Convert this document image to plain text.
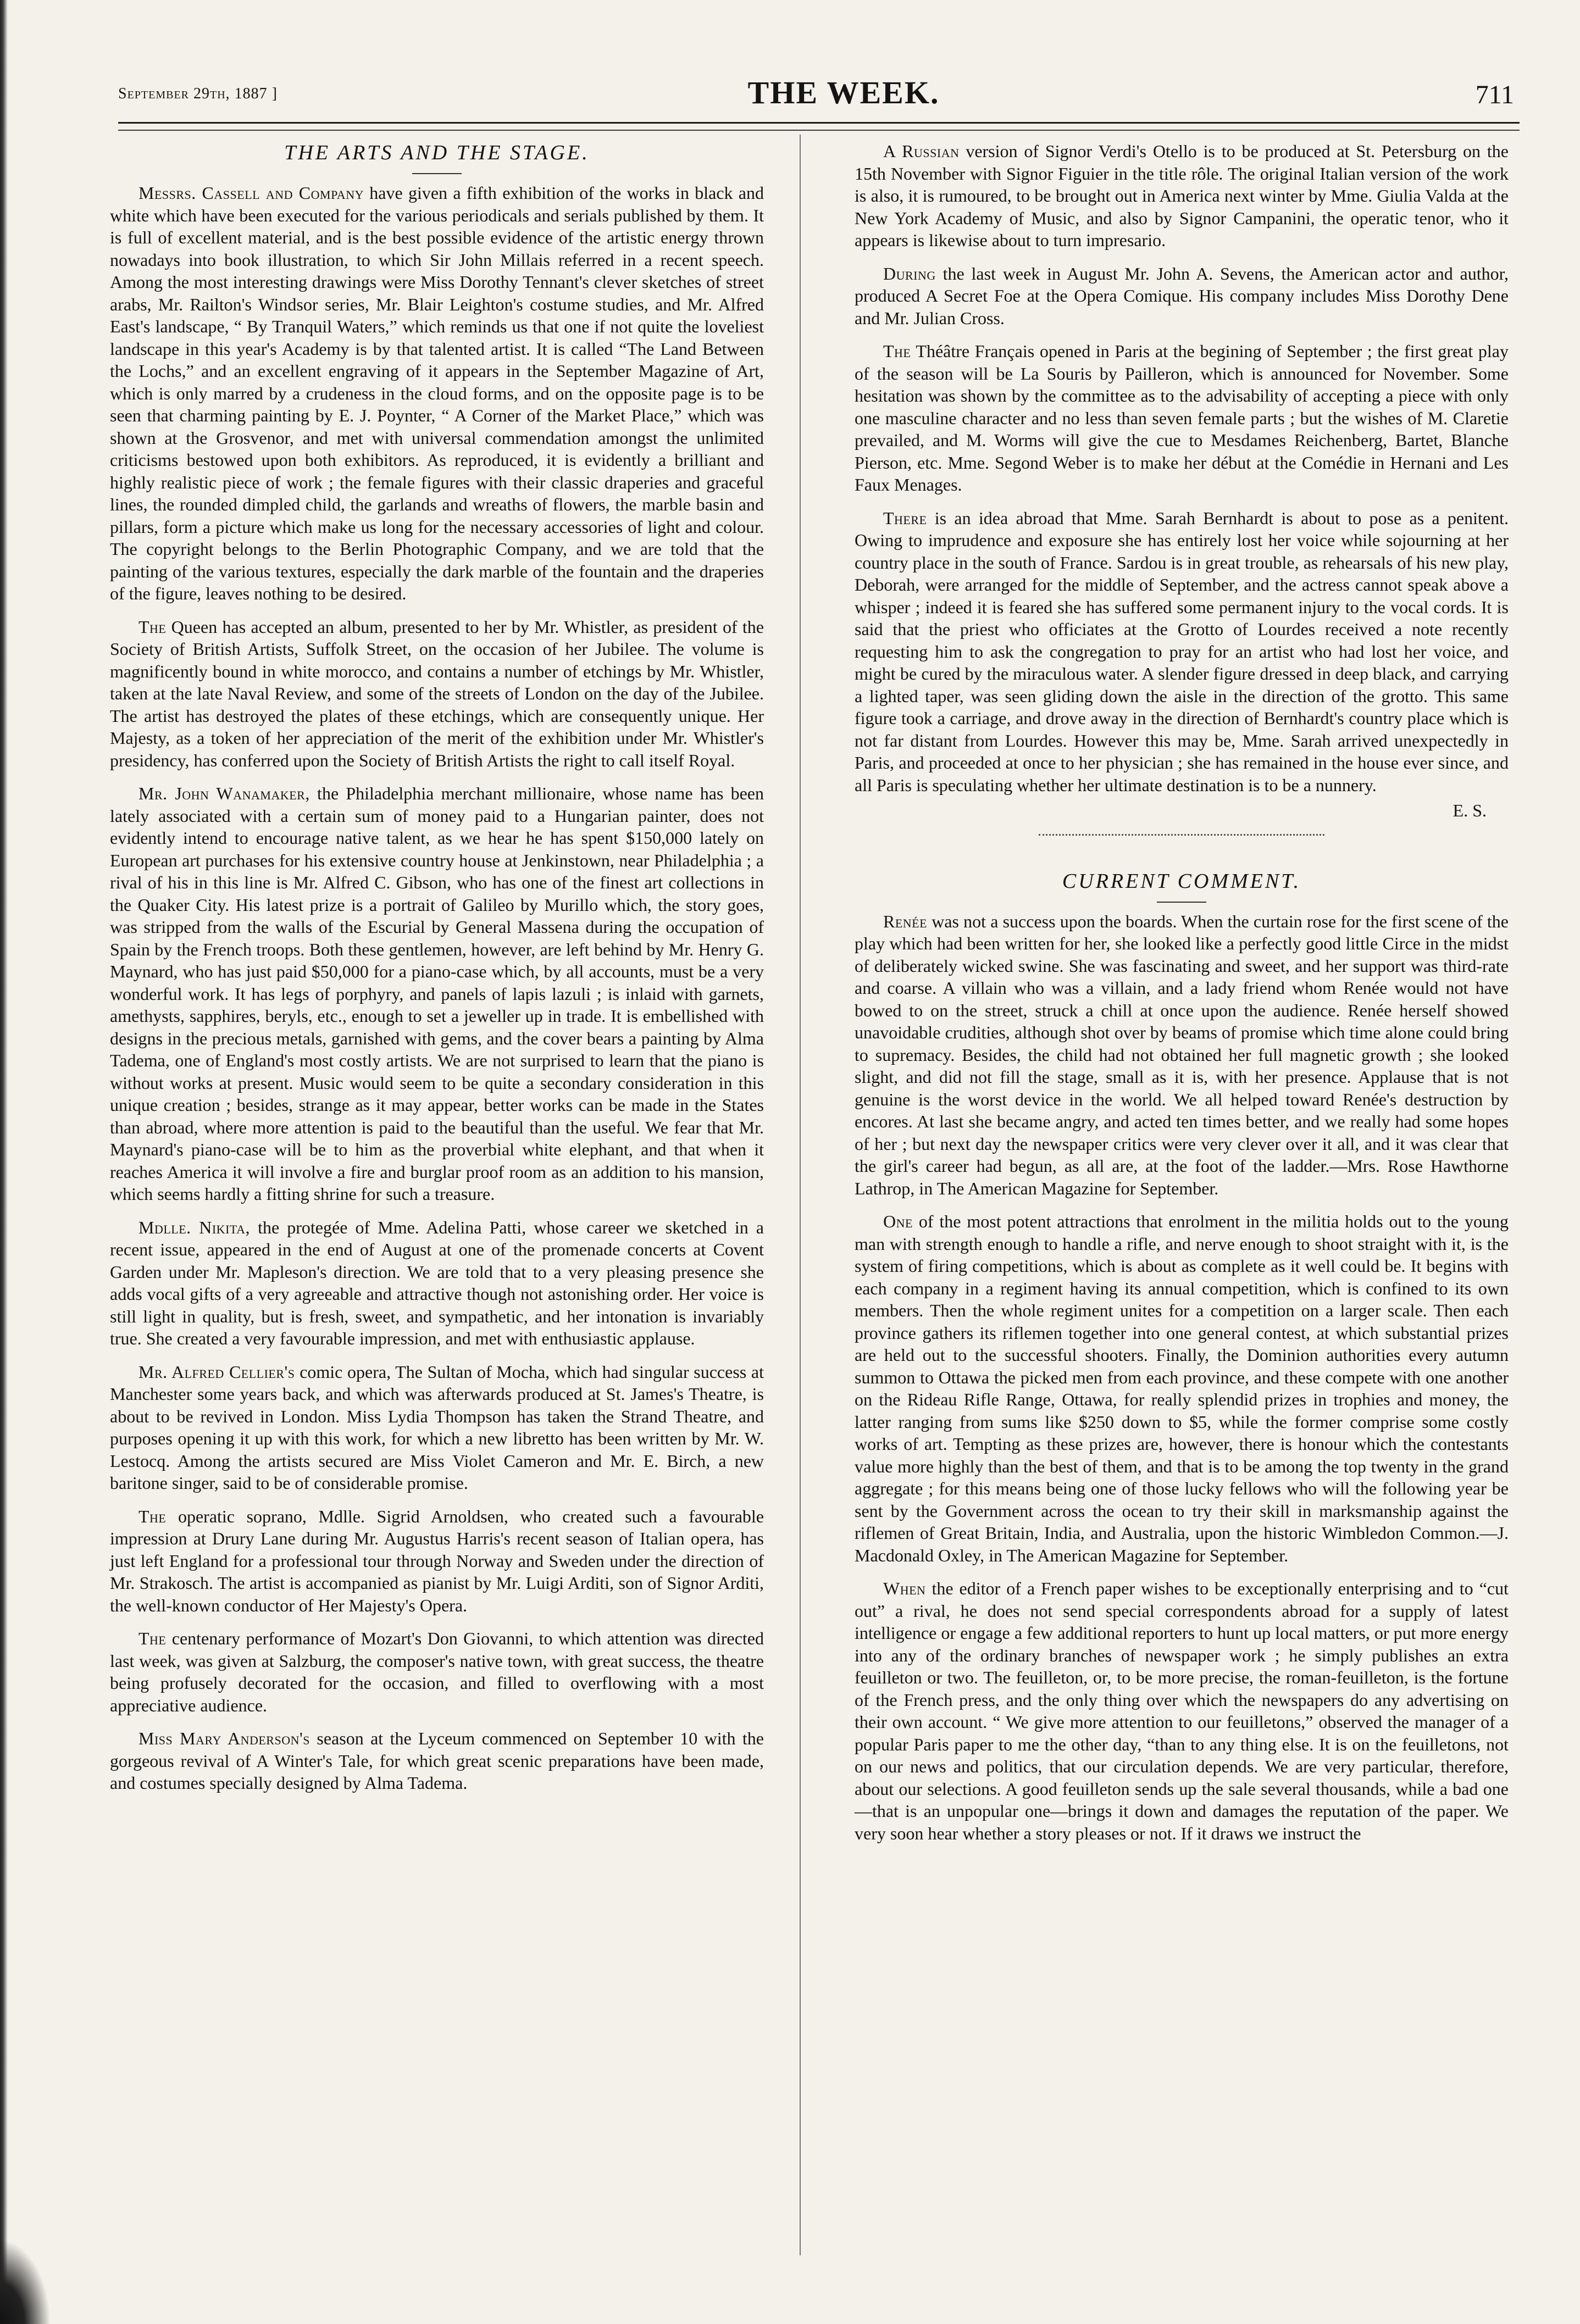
September 29th, 1887 ]	THE WEEK.	711
THE ARTS AND THE STAGE.

Messrs. Cassell and Company have given a fifth exhibition of the works in black and white which have been executed for the various periodicals and serials published by them. It is full of excellent material, and is the best possible evidence of the artistic energy thrown nowadays into book illustration, to which Sir John Millais referred in a recent speech. Among the most interesting drawings were Miss Dorothy Tennant's clever sketches of street arabs, Mr. Railton's Windsor series, Mr. Blair Leighton's costume studies, and Mr. Alfred East's landscape, “ By Tranquil Waters,” which reminds us that one if not quite the loveliest landscape in this year's Academy is by that talented artist. It is called “The Land Between the Lochs,” and an excellent engraving of it appears in the September Magazine of Art, which is only marred by a crudeness in the cloud forms, and on the opposite page is to be seen that charming painting by E. J. Poynter, “ A Corner of the Market Place,” which was shown at the Grosvenor, and met with universal commendation amongst the unlimited criticisms bestowed upon both exhibitors. As reproduced, it is evidently a brilliant and highly realistic piece of work ; the female figures with their classic draperies and graceful lines, the rounded dimpled child, the garlands and wreaths of flowers, the marble basin and pillars, form a picture which make us long for the necessary accessories of light and colour. The copyright belongs to the Berlin Photographic Company, and we are told that the painting of the various textures, especially the dark marble of the fountain and the draperies of the figure, leaves nothing to be desired.

The Queen has accepted an album, presented to her by Mr. Whistler, as president of the Society of British Artists, Suffolk Street, on the occasion of her Jubilee. The volume is magnificently bound in white morocco, and contains a number of etchings by Mr. Whistler, taken at the late Naval Review, and some of the streets of London on the day of the Jubilee. The artist has destroyed the plates of these etchings, which are consequently unique. Her Majesty, as a token of her appreciation of the merit of the exhibition under Mr. Whistler's presidency, has conferred upon the Society of British Artists the right to call itself Royal.

Mr. John Wanamaker, the Philadelphia merchant millionaire, whose name has been lately associated with a certain sum of money paid to a Hungarian painter, does not evidently intend to encourage native talent, as we hear he has spent $150,000 lately on European art purchases for his extensive country house at Jenkinstown, near Philadelphia ; a rival of his in this line is Mr. Alfred C. Gibson, who has one of the finest art collections in the Quaker City. His latest prize is a portrait of Galileo by Murillo which, the story goes, was stripped from the walls of the Escurial by General Massena during the occupation of Spain by the French troops. Both these gentlemen, however, are left behind by Mr. Henry G. Maynard, who has just paid $50,000 for a piano-case which, by all accounts, must be a very wonderful work. It has legs of porphyry, and panels of lapis lazuli ; is inlaid with garnets, amethysts, sapphires, beryls, etc., enough to set a jeweller up in trade. It is embellished with designs in the precious metals, garnished with gems, and the cover bears a painting by Alma Tadema, one of England's most costly artists. We are not surprised to learn that the piano is without works at present. Music would seem to be quite a secondary consideration in this unique creation ; besides, strange as it may appear, better works can be made in the States than abroad, where more attention is paid to the beautiful than the useful. We fear that Mr. Maynard's piano-case will be to him as the proverbial white elephant, and that when it reaches America it will involve a fire and burglar proof room as an addition to his mansion, which seems hardly a fitting shrine for such a treasure.

Mdlle. Nikita, the protegée of Mme. Adelina Patti, whose career we sketched in a recent issue, appeared in the end of August at one of the promenade concerts at Covent Garden under Mr. Mapleson's direction. We are told that to a very pleasing presence she adds vocal gifts of a very agreeable and attractive though not astonishing order. Her voice is still light in quality, but is fresh, sweet, and sympathetic, and her intonation is invariably true. She created a very favourable impression, and met with enthusiastic applause.

Mr. Alfred Cellier's comic opera, The Sultan of Mocha, which had singular success at Manchester some years back, and which was afterwards produced at St. James's Theatre, is about to be revived in London. Miss Lydia Thompson has taken the Strand Theatre, and purposes opening it up with this work, for which a new libretto has been written by Mr. W. Lestocq. Among the artists secured are Miss Violet Cameron and Mr. E. Birch, a new baritone singer, said to be of considerable promise.

The operatic soprano, Mdlle. Sigrid Arnoldsen, who created such a favourable impression at Drury Lane during Mr. Augustus Harris's recent season of Italian opera, has just left England for a professional tour through Norway and Sweden under the direction of Mr. Strakosch. The artist is accompanied as pianist by Mr. Luigi Arditi, son of Signor Arditi, the well-known conductor of Her Majesty's Opera.

The centenary performance of Mozart's Don Giovanni, to which attention was directed last week, was given at Salzburg, the composer's native town, with great success, the theatre being profusely decorated for the occasion, and filled to overflowing with a most appreciative audience.

Miss Mary Anderson's season at the Lyceum commenced on September 10 with the gorgeous revival of A Winter's Tale, for which great scenic preparations have been made, and costumes specially designed by Alma Tadema.

A Russian version of Signor Verdi's Otello is to be produced at St. Petersburg on the 15th November with Signor Figuier in the title rôle. The original Italian version of the work is also, it is rumoured, to be brought out in America next winter by Mme. Giulia Valda at the New York Academy of Music, and also by Signor Campanini, the operatic tenor, who it appears is likewise about to turn impresario.

During the last week in August Mr. John A. Sevens, the American actor and author, produced A Secret Foe at the Opera Comique. His company includes Miss Dorothy Dene and Mr. Julian Cross.

The Théâtre Français opened in Paris at the begining of September ; the first great play of the season will be La Souris by Pailleron, which is announced for November. Some hesitation was shown by the committee as to the advisability of accepting a piece with only one masculine character and no less than seven female parts ; but the wishes of M. Claretie prevailed, and M. Worms will give the cue to Mesdames Reichenberg, Bartet, Blanche Pierson, etc. Mme. Segond Weber is to make her début at the Comédie in Hernani and Les Faux Menages.

There is an idea abroad that Mme. Sarah Bernhardt is about to pose as a penitent. Owing to imprudence and exposure she has entirely lost her voice while sojourning at her country place in the south of France. Sardou is in great trouble, as rehearsals of his new play, Deborah, were arranged for the middle of September, and the actress cannot speak above a whisper ; indeed it is feared she has suffered some permanent injury to the vocal cords. It is said that the priest who officiates at the Grotto of Lourdes received a note recently requesting him to ask the congregation to pray for an artist who had lost her voice, and might be cured by the miraculous water. A slender figure dressed in deep black, and carrying a lighted taper, was seen gliding down the aisle in the direction of the grotto. This same figure took a carriage, and drove away in the direction of Bernhardt's country place which is not far distant from Lourdes. However this may be, Mme. Sarah arrived unexpectedly in Paris, and proceeded at once to her physician ; she has remained in the house ever since, and all Paris is speculating whether her ultimate destination is to be a nunnery.

E. S.
CURRENT COMMENT.

Renée was not a success upon the boards. When the curtain rose for the first scene of the play which had been written for her, she looked like a perfectly good little Circe in the midst of deliberately wicked swine. She was fascinating and sweet, and her support was third-rate and coarse. A villain who was a villain, and a lady friend whom Renée would not have bowed to on the street, struck a chill at once upon the audience. Renée herself showed unavoidable crudities, although shot over by beams of promise which time alone could bring to supremacy. Besides, the child had not obtained her full magnetic growth ; she looked slight, and did not fill the stage, small as it is, with her presence. Applause that is not genuine is the worst device in the world. We all helped toward Renée's destruction by encores. At last she became angry, and acted ten times better, and we really had some hopes of her ; but next day the newspaper critics were very clever over it all, and it was clear that the girl's career had begun, as all are, at the foot of the ladder.—Mrs. Rose Hawthorne Lathrop, in The American Magazine for September.

One of the most potent attractions that enrolment in the militia holds out to the young man with strength enough to handle a rifle, and nerve enough to shoot straight with it, is the system of firing competitions, which is about as complete as it well could be. It begins with each company in a regiment having its annual competition, which is confined to its own members. Then the whole regiment unites for a competition on a larger scale. Then each province gathers its riflemen together into one general contest, at which substantial prizes are held out to the successful shooters. Finally, the Dominion authorities every autumn summon to Ottawa the picked men from each province, and these compete with one another on the Rideau Rifle Range, Ottawa, for really splendid prizes in trophies and money, the latter ranging from sums like $250 down to $5, while the former comprise some costly works of art. Tempting as these prizes are, however, there is honour which the contestants value more highly than the best of them, and that is to be among the top twenty in the grand aggregate ; for this means being one of those lucky fellows who will the following year be sent by the Government across the ocean to try their skill in marksmanship against the riflemen of Great Britain, India, and Australia, upon the historic Wimbledon Common.—J. Macdonald Oxley, in The American Magazine for September.

When the editor of a French paper wishes to be exceptionally enterprising and to “cut out” a rival, he does not send special correspondents abroad for a supply of latest intelligence or engage a few additional reporters to hunt up local matters, or put more energy into any of the ordinary branches of newspaper work ; he simply publishes an extra feuilleton or two. The feuilleton, or, to be more precise, the roman-feuilleton, is the fortune of the French press, and the only thing over which the newspapers do any advertising on their own account. “ We give more attention to our feuilletons,” observed the manager of a popular Paris paper to me the other day, “than to any thing else. It is on the feuilletons, not on our news and politics, that our circulation depends. We are very particular, therefore, about our selections. A good feuilleton sends up the sale several thousands, while a bad one—that is an unpopular one—brings it down and damages the reputation of the paper. We very soon hear whether a story pleases or not. If it draws we instruct the
